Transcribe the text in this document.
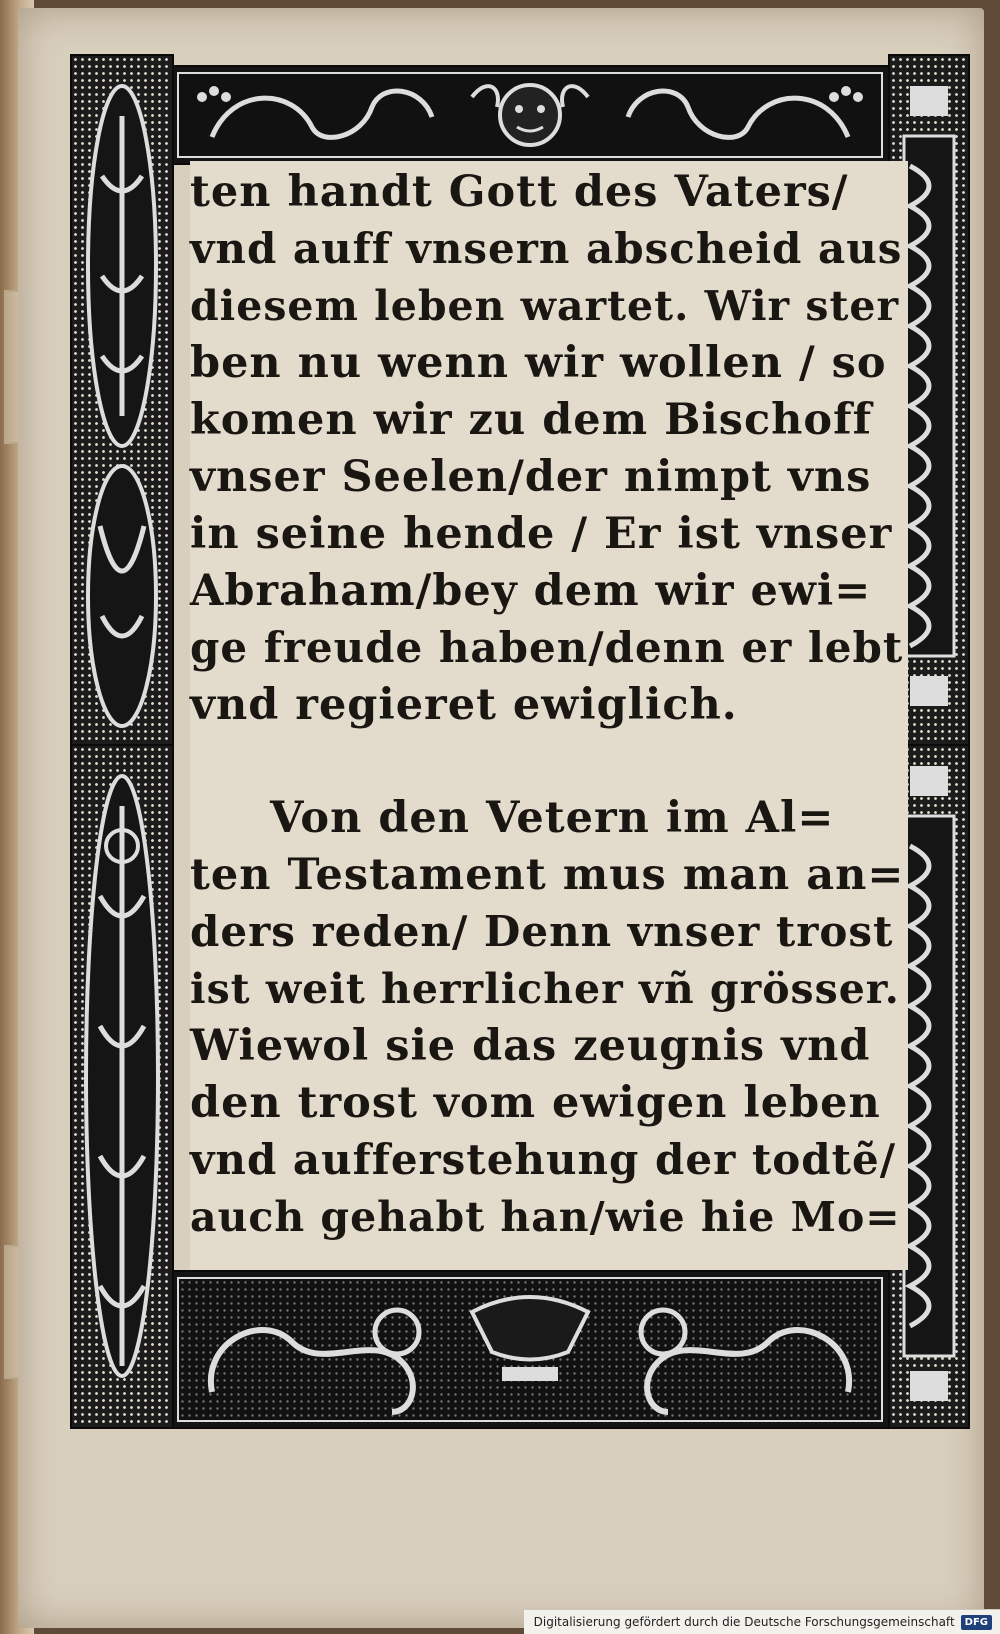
ten handt Gott des Vaters/
vnd auff vnsern abscheid aus
diesem leben wartet. Wir ster
ben nu wenn wir wollen / so
komen wir zu dem Bischoff
vnser Seelen/der nimpt vns
in seine hende / Er ist vnser
Abraham/bey dem wir ewi=
ge freude haben/denn er lebt
vnd regieret ewiglich.
Von den Vetern im Al=
ten Testament mus man an=
ders reden/ Denn vnser trost
ist weit herrlicher vñ grösser.
Wiewol sie das zeugnis vnd
den trost vom ewigen leben
vnd aufferstehung der todtẽ/
auch gehabt han/wie hie Mo=
Digitalisierung gefördert durch die Deutsche Forschungsgemeinschaft	DFG
